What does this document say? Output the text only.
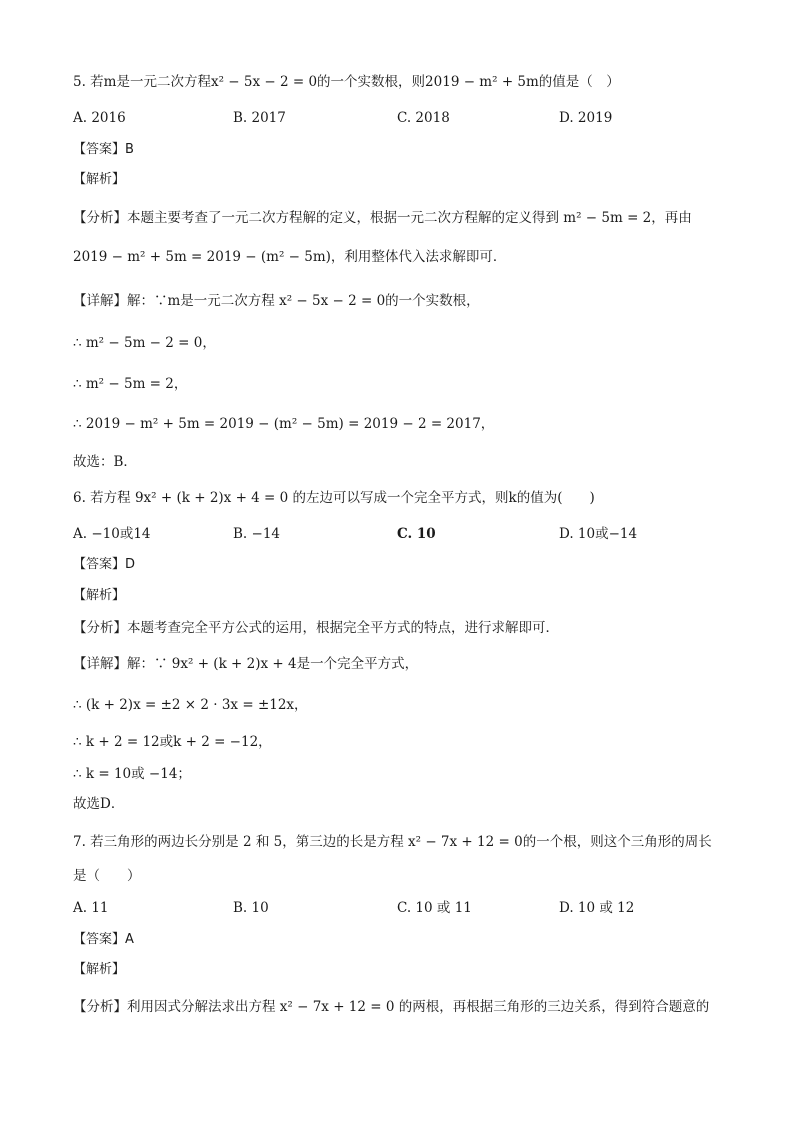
5. 若m是一元二次方程x² − 5x − 2 = 0的一个实数根，则2019 − m² + 5m的值是（　）
A. 2016	B. 2017	C. 2018	D. 2019
【答案】B
【解析】
【分析】本题主要考查了一元二次方程解的定义，根据一元二次方程解的定义得到 m² − 5m = 2，再由
2019 − m² + 5m = 2019 − (m² − 5m)，利用整体代入法求解即可．
【详解】解：∵m是一元二次方程 x² − 5x − 2 = 0的一个实数根，
∴ m² − 5m − 2 = 0，
∴ m² − 5m = 2，
∴ 2019 − m² + 5m = 2019 − (m² − 5m) = 2019 − 2 = 2017，
故选：B．
6. 若方程 9x² + (k + 2)x + 4 = 0 的左边可以写成一个完全平方式，则k的值为(　　)
A. −10或14	B. −14	C. 10	D. 10或−14
【答案】D
【解析】
【分析】本题考查完全平方公式的运用，根据完全平方式的特点，进行求解即可．
【详解】解：∵ 9x² + (k + 2)x + 4是一个完全平方式，
∴ (k + 2)x = ±2 × 2 · 3x = ±12x，
∴ k + 2 = 12或k + 2 = −12，
∴ k = 10或 −14；
故选D．
7. 若三角形的两边长分别是 2 和 5，第三边的长是方程 x² − 7x + 12 = 0的一个根，则这个三角形的周长
是（　　）
A. 11	B. 10	C. 10 或 11	D. 10 或 12
【答案】A
【解析】
【分析】利用因式分解法求出方程 x² − 7x + 12 = 0 的两根，再根据三角形的三边关系，得到符合题意的
